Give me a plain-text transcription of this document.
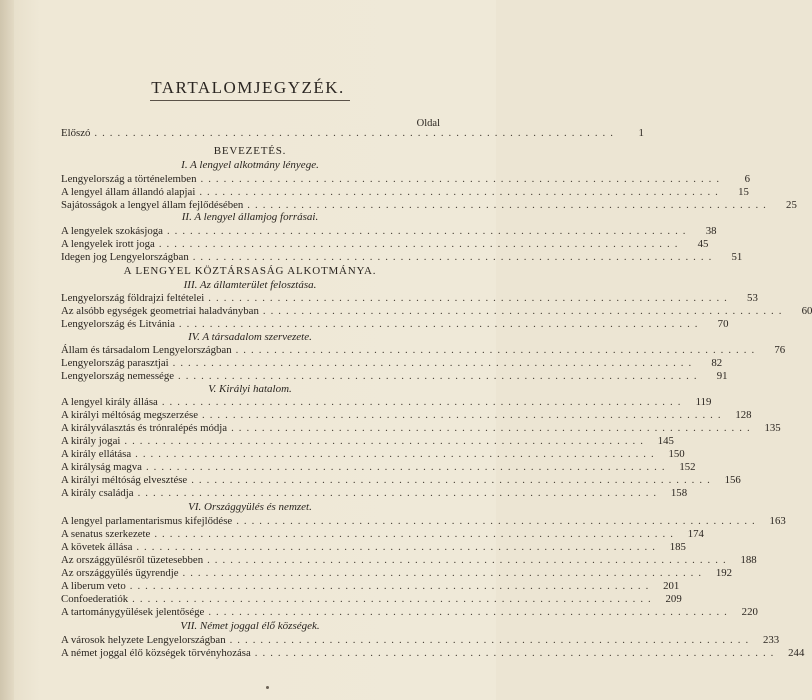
TARTALOMJEGYZÉK.
Oldal
Előszó ....................................................................	1
BEVEZETÉS.
I. A lengyel alkotmány lényege.
Lengyelország a történelemben ....................................................................	6
A lengyel állam állandó alapjai ....................................................................	15
Sajátosságok a lengyel állam fejlődésében ....................................................................	25
II. A lengyel államjog forrásai.
A lengyelek szokásjoga ....................................................................	38
A lengyelek irott joga ....................................................................	45
Idegen jog Lengyelországban ....................................................................	51
A LENGYEL KÖZTÁRSASÁG ALKOTMÁNYA.
III. Az államterület felosztása.
Lengyelország földrajzi feltételei ....................................................................	53
Az alsóbb egységek geometriai haladványban ....................................................................	60
Lengyelország és Litvánia ....................................................................	70
IV. A társadalom szervezete.
Állam és társadalom Lengyelországban ....................................................................	76
Lengyelország parasztjai ....................................................................	82
Lengyelország nemessége ....................................................................	91
V. Királyi hatalom.
A lengyel király állása .................................................................... 119
A királyi méltóság megszerzése .................................................................... 128
A királyválasztás és trónralépés módja .................................................................... 135
A király jogai .................................................................... 145
A király ellátása .................................................................... 150
A királyság magva .................................................................... 152
A királyi méltóság elvesztése .................................................................... 156
A király családja .................................................................... 158
VI. Országgyülés és nemzet.
A lengyel parlamentarismus kifejlődése .................................................................... 163
A senatus szerkezete .................................................................... 174
A követek állása .................................................................... 185
Az országgyülésről tüzetesebben .................................................................... 188
Az országgyülés ügyrendje .................................................................... 192
A liberum veto .................................................................... 201
Confoederatiók .................................................................... 209
A tartománygyülések jelentősége .................................................................... 220
VII. Német joggal élő községek.
A városok helyzete Lengyelországban .................................................................... 233
A német joggal élő községek törvényhozása .................................................................... 244
